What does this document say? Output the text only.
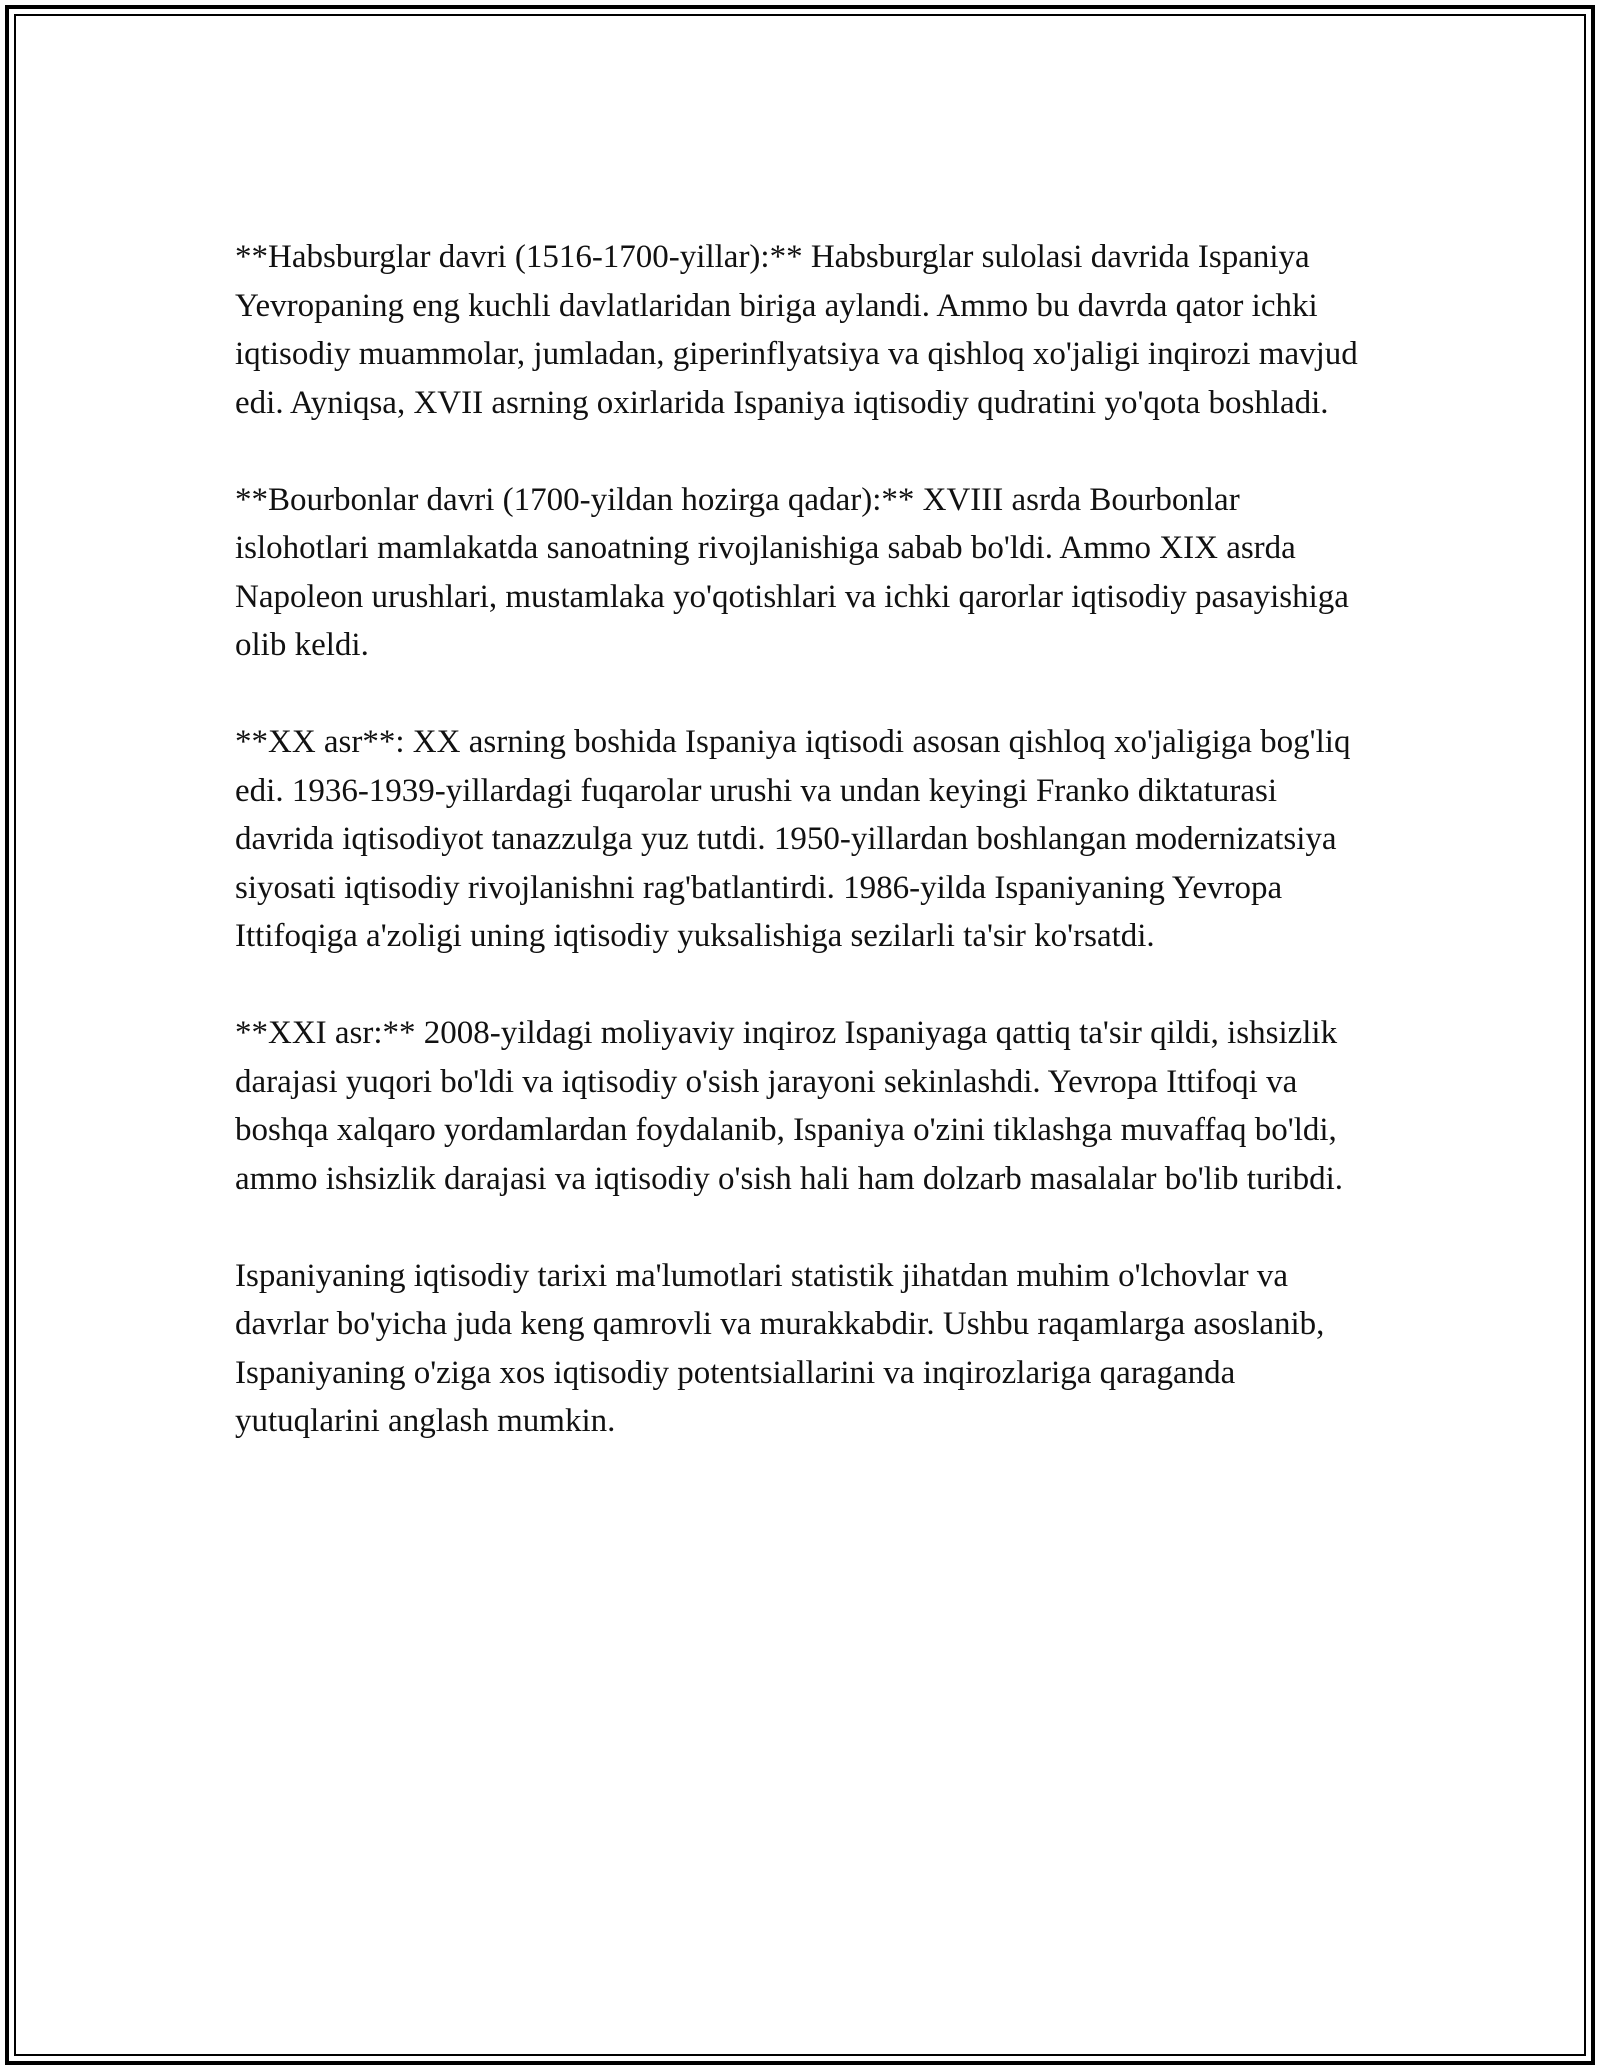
**Habsburglar davri (1516-1700-yillar):** Habsburglar sulolasi davrida Ispaniya Yevropaning eng kuchli davlatlaridan biriga aylandi. Ammo bu davrda qator ichki iqtisodiy muammolar, jumladan, giperinflyatsiya va qishloq xo'jaligi inqirozi mavjud edi. Ayniqsa, XVII asrning oxirlarida Ispaniya iqtisodiy qudratini yo'qota boshladi.

**Bourbonlar davri (1700-yildan hozirga qadar):** XVIII asrda Bourbonlar islohotlari mamlakatda sanoatning rivojlanishiga sabab bo'ldi. Ammo XIX asrda Napoleon urushlari, mustamlaka yo'qotishlari va ichki qarorlar iqtisodiy pasayishiga olib keldi.

**XX asr**: XX asrning boshida Ispaniya iqtisodi asosan qishloq xo'jaligiga bog'liq edi. 1936-1939-yillardagi fuqarolar urushi va undan keyingi Franko diktaturasi davrida iqtisodiyot tanazzulga yuz tutdi. 1950-yillardan boshlangan modernizatsiya siyosati iqtisodiy rivojlanishni rag'batlantirdi. 1986-yilda Ispaniyaning Yevropa Ittifoqiga a'zoligi uning iqtisodiy yuksalishiga sezilarli ta'sir ko'rsatdi.

**XXI asr:** 2008-yildagi moliyaviy inqiroz Ispaniyaga qattiq ta'sir qildi, ishsizlik darajasi yuqori bo'ldi va iqtisodiy o'sish jarayoni sekinlashdi. Yevropa Ittifoqi va boshqa xalqaro yordamlardan foydalanib, Ispaniya o'zini tiklashga muvaffaq bo'ldi, ammo ishsizlik darajasi va iqtisodiy o'sish hali ham dolzarb masalalar bo'lib turibdi.

Ispaniyaning iqtisodiy tarixi ma'lumotlari statistik jihatdan muhim o'lchovlar va davrlar bo'yicha juda keng qamrovli va murakkabdir. Ushbu raqamlarga asoslanib, Ispaniyaning o'ziga xos iqtisodiy potentsiallarini va inqirozlariga qaraganda yutuqlarini anglash mumkin.
